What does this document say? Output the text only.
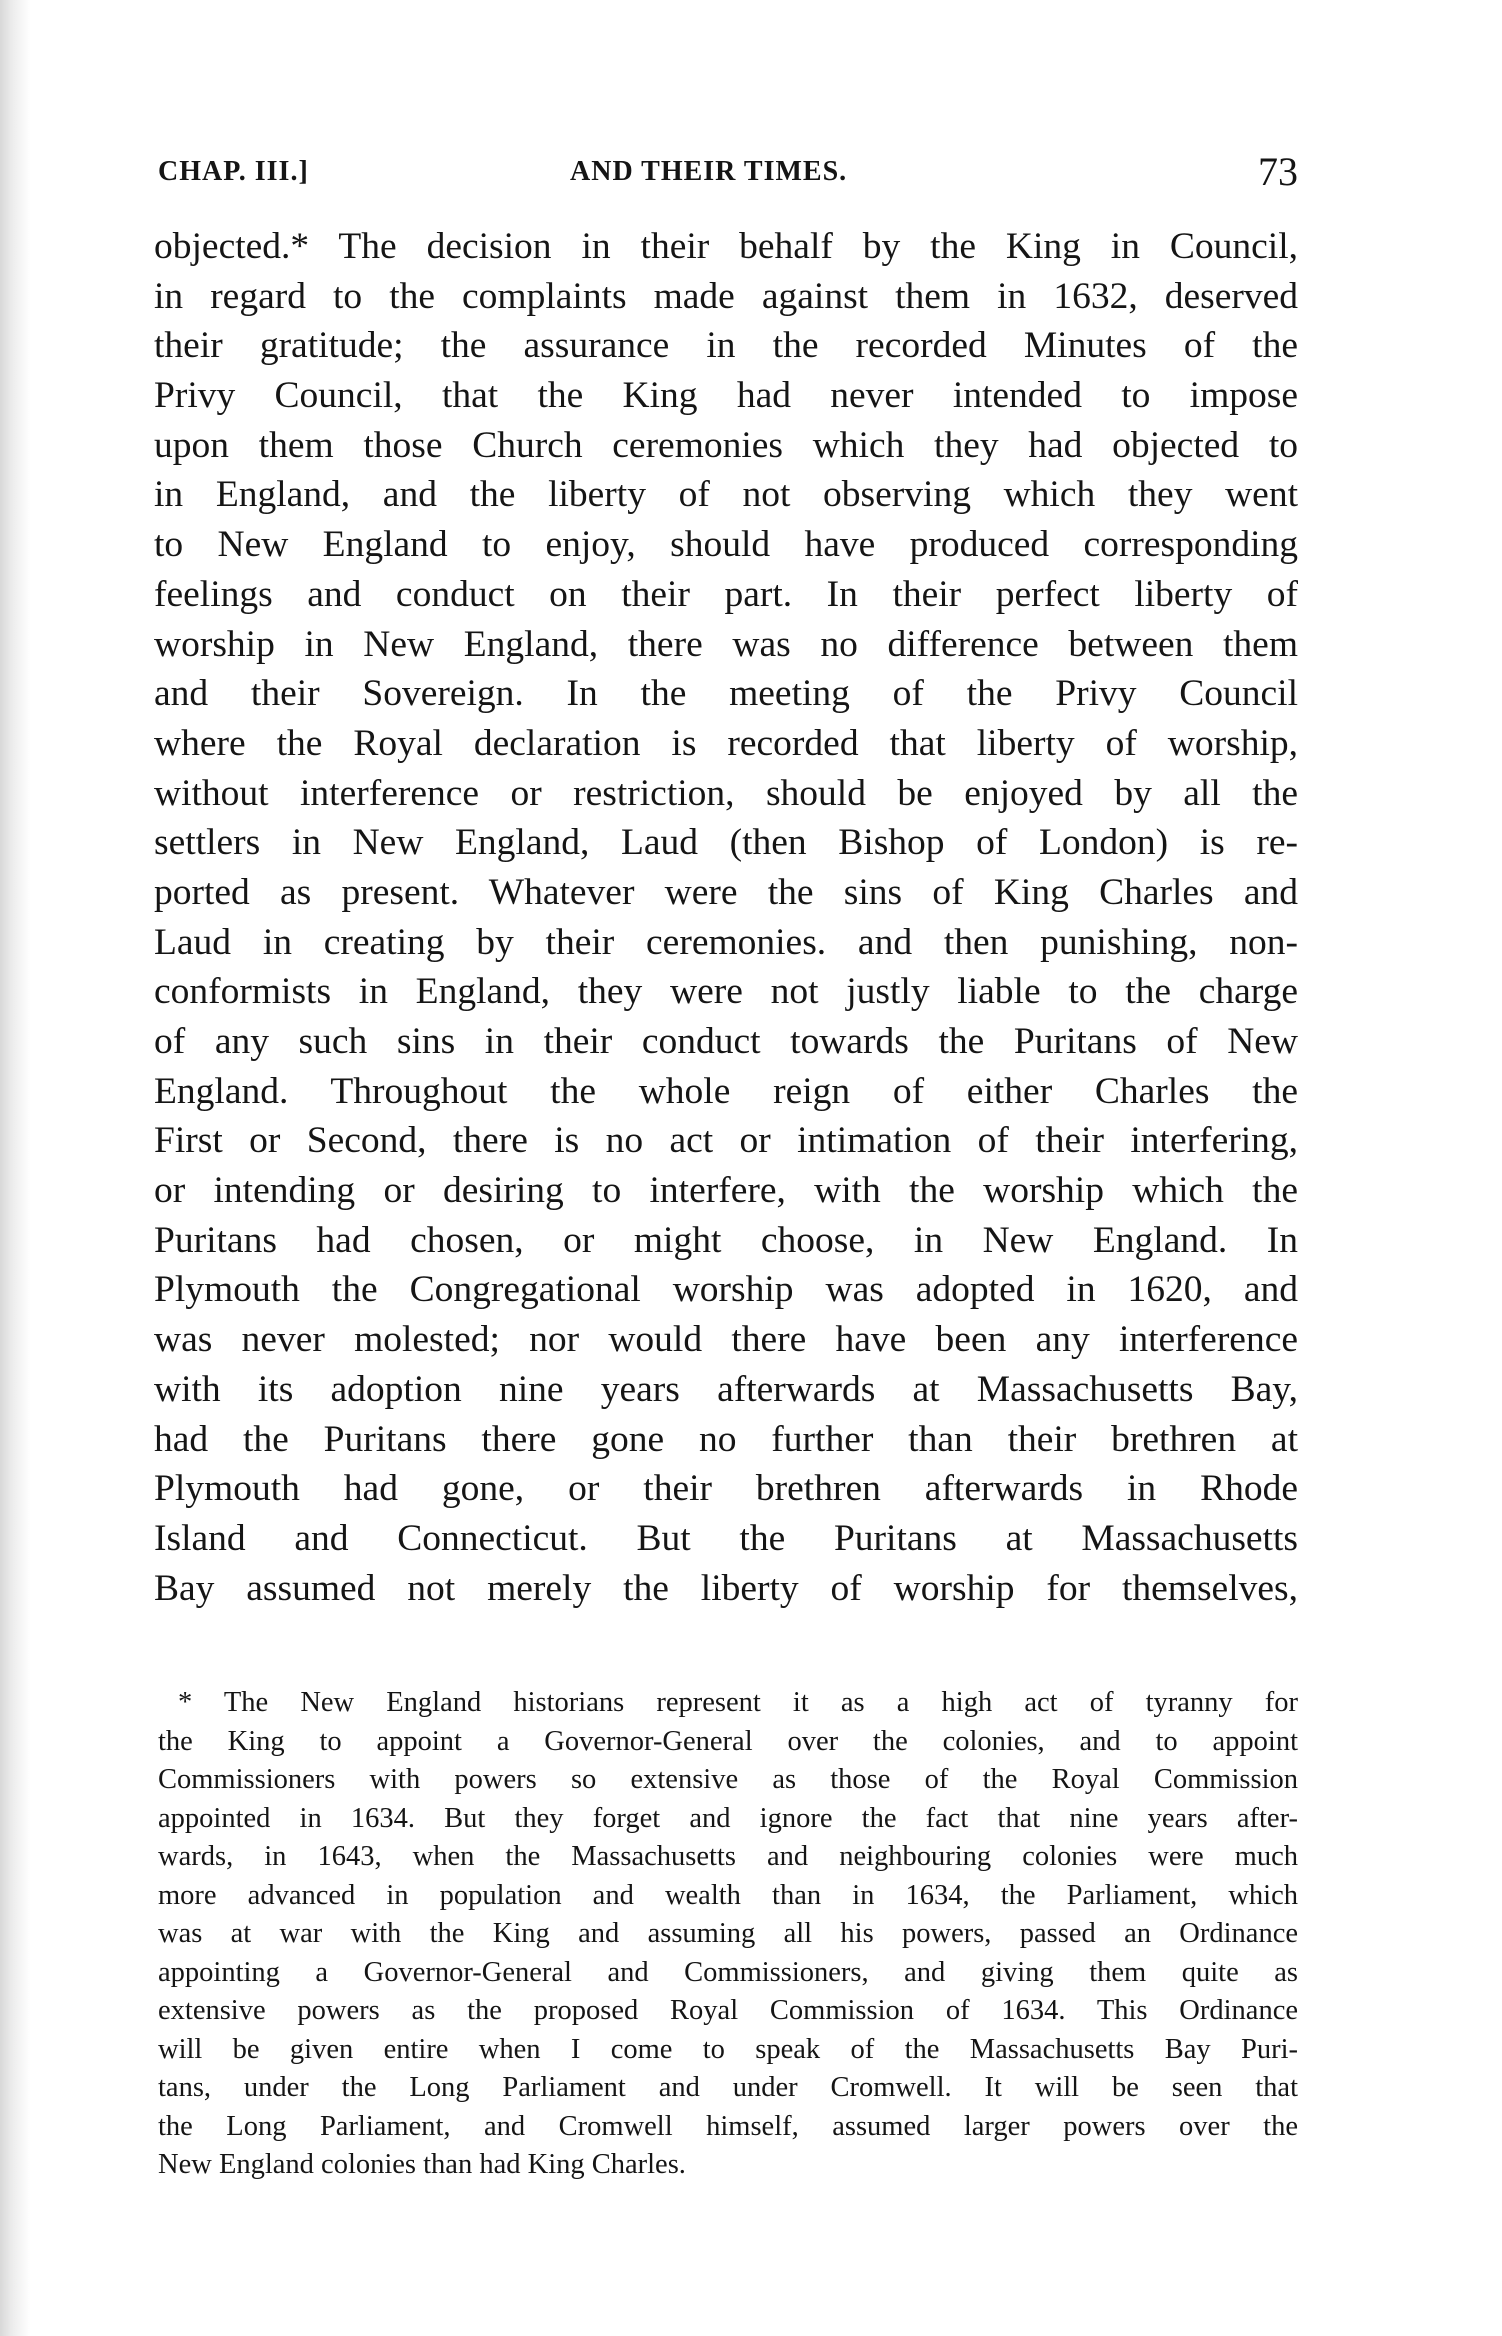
CHAP. III.]	AND THEIR TIMES.	73
objected.* The decision in their behalf by the King in Council,
in regard to the complaints made against them in 1632, deserved
their gratitude; the assurance in the recorded Minutes of the
Privy Council, that the King had never intended to impose
upon them those Church ceremonies which they had objected to
in England, and the liberty of not observing which they went
to New England to enjoy, should have produced corresponding
feelings and conduct on their part. In their perfect liberty of
worship in New England, there was no difference between them
and their Sovereign. In the meeting of the Privy Council
where the Royal declaration is recorded that liberty of worship,
without interference or restriction, should be enjoyed by all the
settlers in New England, Laud (then Bishop of London) is re-
ported as present. Whatever were the sins of King Charles and
Laud in creating by their ceremonies. and then punishing, non-
conformists in England, they were not justly liable to the charge
of any such sins in their conduct towards the Puritans of New
England. Throughout the whole reign of either Charles the
First or Second, there is no act or intimation of their interfering,
or intending or desiring to interfere, with the worship which the
Puritans had chosen, or might choose, in New England. In
Plymouth the Congregational worship was adopted in 1620, and
was never molested; nor would there have been any interference
with its adoption nine years afterwards at Massachusetts Bay,
had the Puritans there gone no further than their brethren at
Plymouth had gone, or their brethren afterwards in Rhode
Island and Connecticut. But the Puritans at Massachusetts
Bay assumed not merely the liberty of worship for themselves,
* The New England historians represent it as a high act of tyranny for
the King to appoint a Governor-General over the colonies, and to appoint
Commissioners with powers so extensive as those of the Royal Commission
appointed in 1634. But they forget and ignore the fact that nine years after-
wards, in 1643, when the Massachusetts and neighbouring colonies were much
more advanced in population and wealth than in 1634, the Parliament, which
was at war with the King and assuming all his powers, passed an Ordinance
appointing a Governor-General and Commissioners, and giving them quite as
extensive powers as the proposed Royal Commission of 1634. This Ordinance
will be given entire when I come to speak of the Massachusetts Bay Puri-
tans, under the Long Parliament and under Cromwell. It will be seen that
the Long Parliament, and Cromwell himself, assumed larger powers over the
New England colonies than had King Charles.
